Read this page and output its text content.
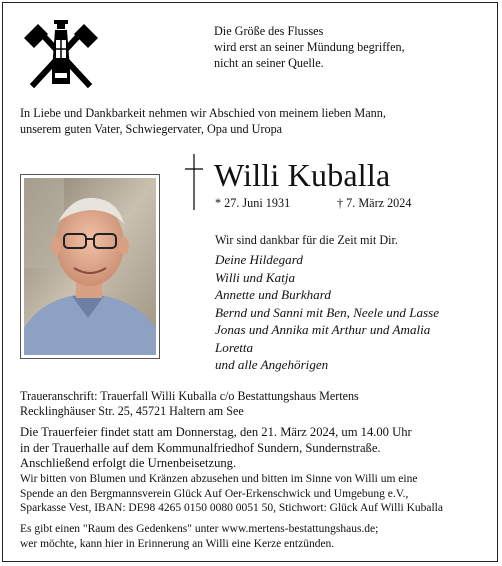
Die Größe des Flusses
wird erst an seiner Mündung begriffen,
nicht an seiner Quelle.
In Liebe und Dankbarkeit nehmen wir Abschied von meinem lieben Mann,
unserem guten Vater, Schwiegervater, Opa und Uropa
Willi Kuballa
* 27. Juni 1931	† 7. März 2024
Wir sind dankbar für die Zeit mit Dir.
Deine Hildegard
Willi und Katja
Annette und Burkhard
Bernd und Sanni mit Ben, Neele und Lasse
Jonas und Annika mit Arthur und Amalia
Loretta
und alle Angehörigen
Traueranschrift: Trauerfall Willi Kuballa c/o Bestattungshaus Mertens
Recklinghäuser Str. 25, 45721 Haltern am See
Die Trauerfeier findet statt am Donnerstag, den 21. März 2024, um 14.00 Uhr
in der Trauerhalle auf dem Kommunalfriedhof Sundern, Sundernstraße.
Anschließend erfolgt die Urnenbeisetzung.
Wir bitten von Blumen und Kränzen abzusehen und bitten im Sinne von Willi um eine
Spende an den Bergmannsverein Glück Auf Oer-Erkenschwick und Umgebung e.V.,
Sparkasse Vest, IBAN: DE98 4265 0150 0080 0051 50, Stichwort: Glück Auf Willi Kuballa
Es gibt einen "Raum des Gedenkens" unter www.mertens-bestattungshaus.de;
wer möchte, kann hier in Erinnerung an Willi eine Kerze entzünden.
